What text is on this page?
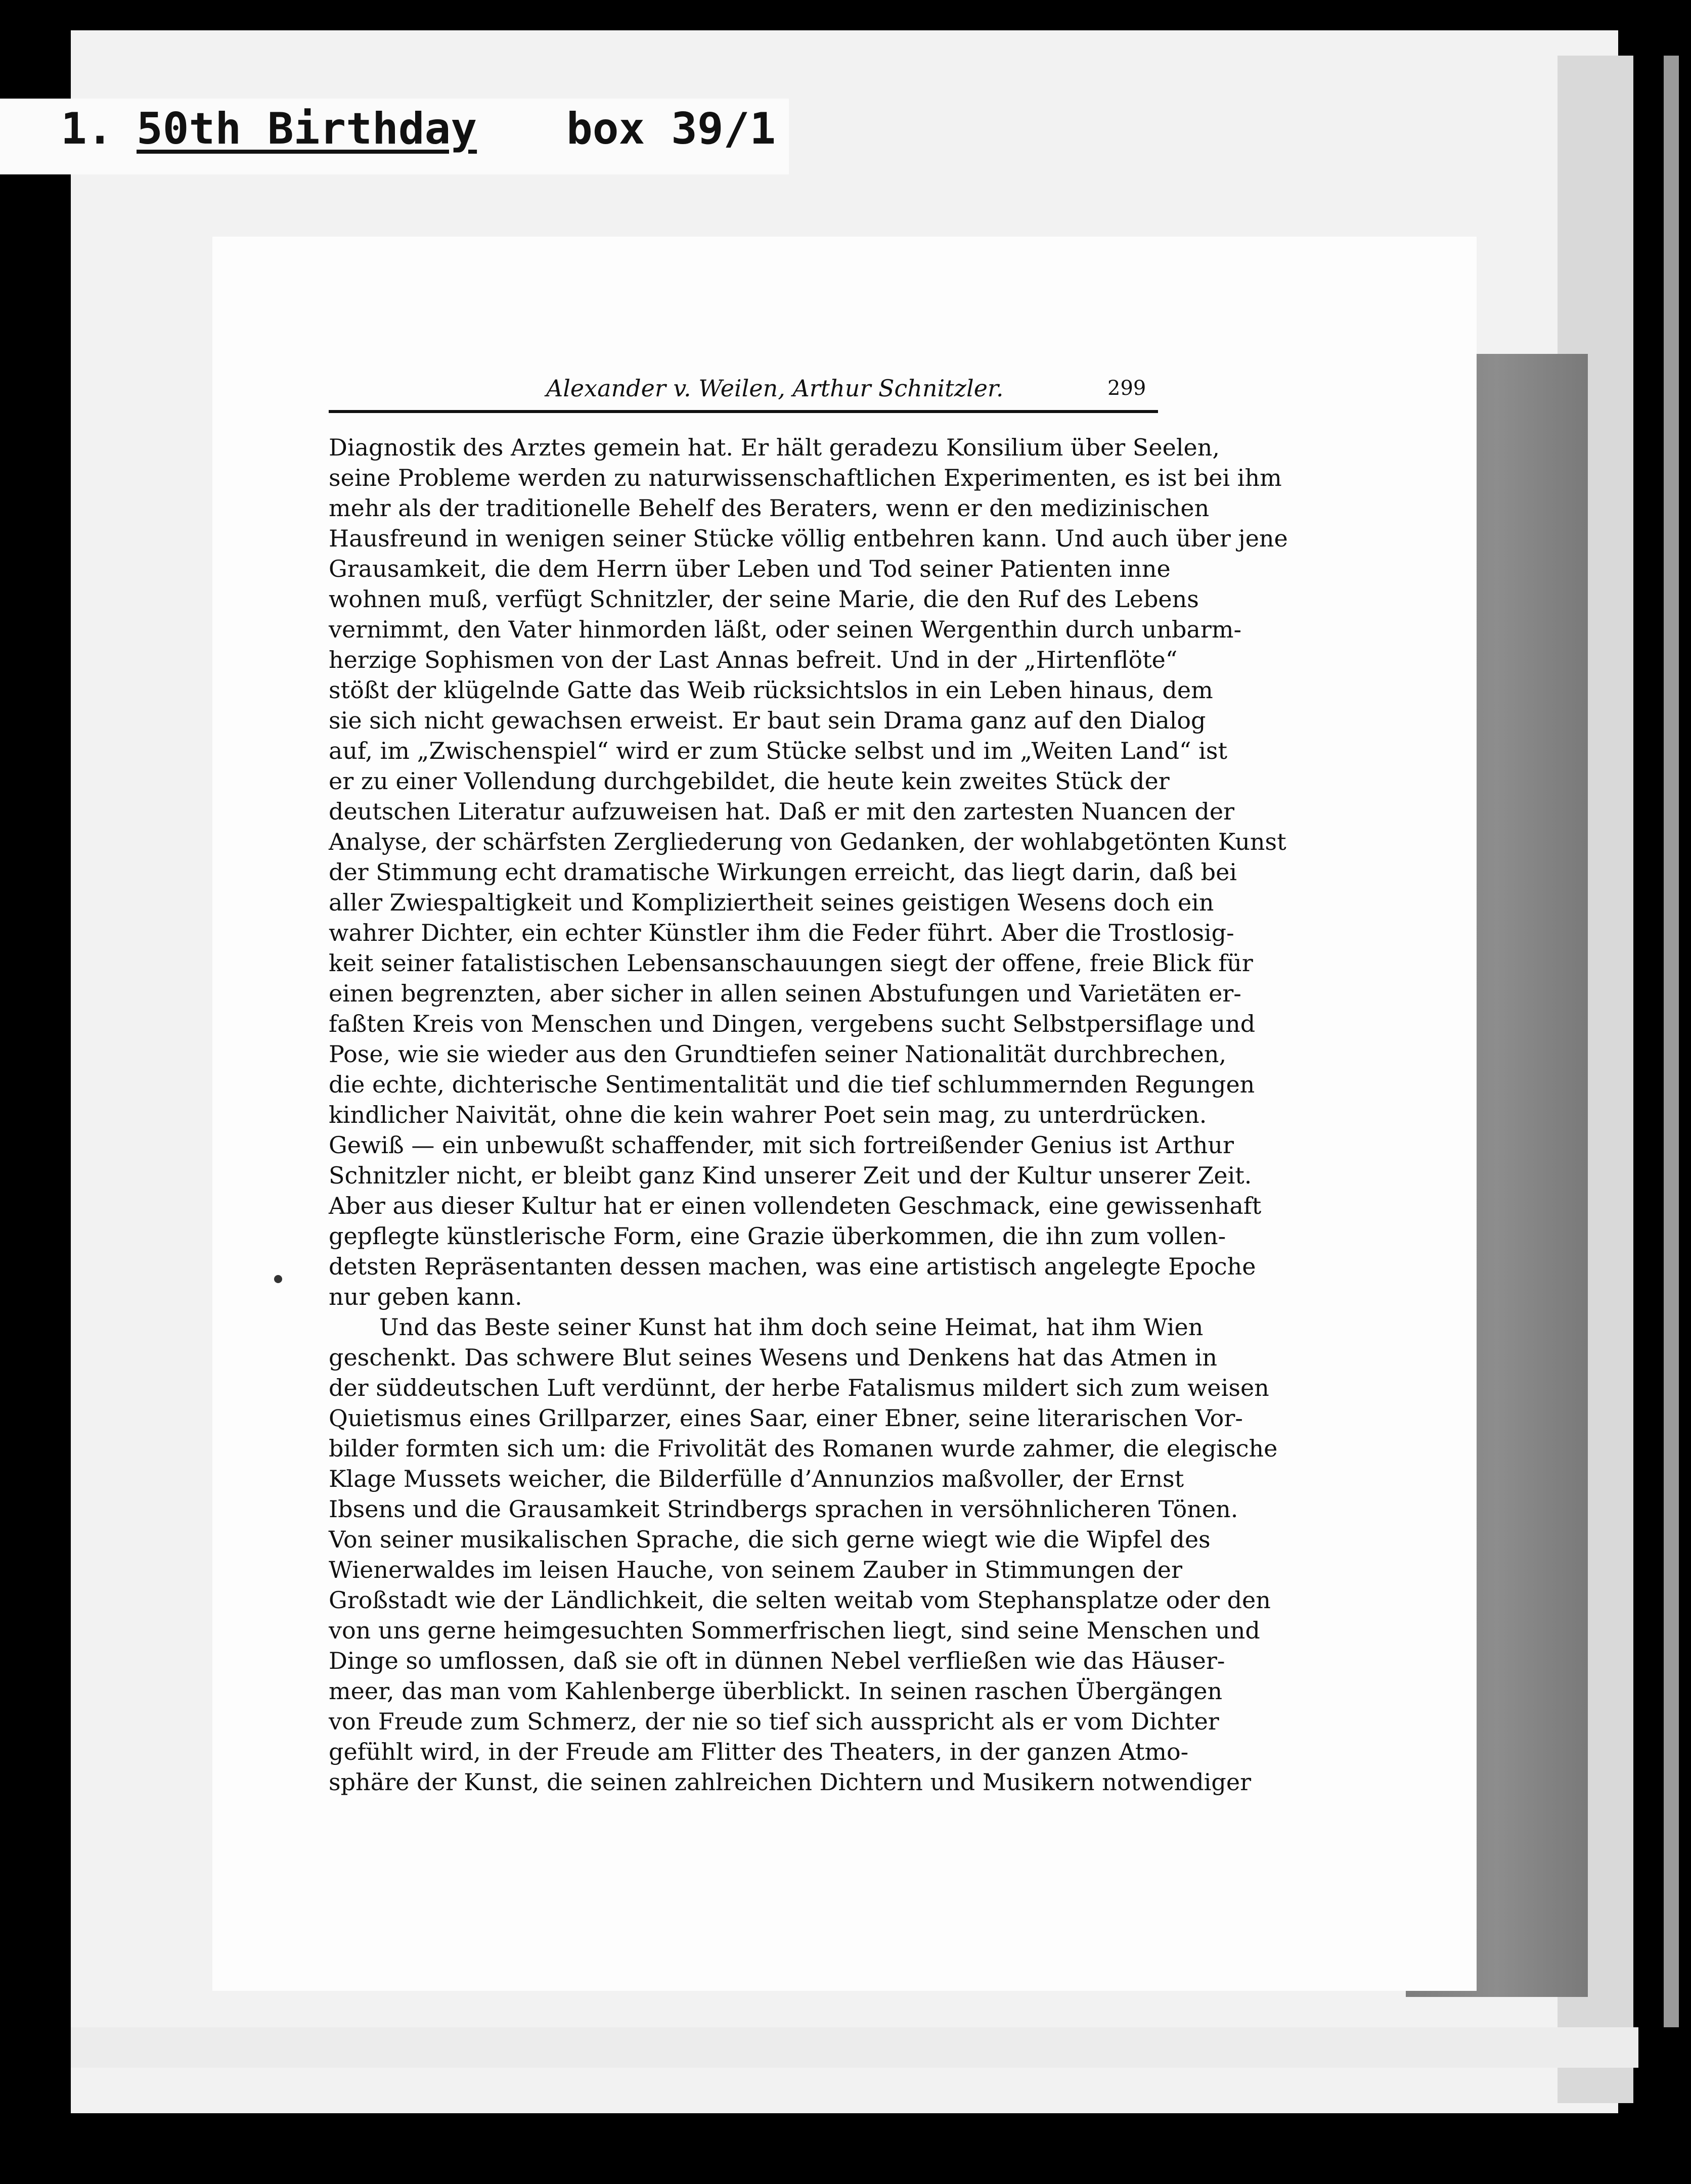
1.

50th Birthday

box 39/1

Alexander v. Weilen, Arthur Schnitzler.	299
Diagnostik des Arztes gemein hat. Er hält geradezu Konsilium über Seelen,
seine Probleme werden zu naturwissenschaftlichen Experimenten, es ist bei ihm
mehr als der traditionelle Behelf des Beraters, wenn er den medizinischen
Hausfreund in wenigen seiner Stücke völlig entbehren kann. Und auch über jene
Grausamkeit, die dem Herrn über Leben und Tod seiner Patienten inne
wohnen muß, verfügt Schnitzler, der seine Marie, die den Ruf des Lebens
vernimmt, den Vater hinmorden läßt, oder seinen Wergenthin durch unbarm-
herzige Sophismen von der Last Annas befreit. Und in der „Hirtenflöte“
stößt der klügelnde Gatte das Weib rücksichtslos in ein Leben hinaus, dem
sie sich nicht gewachsen erweist. Er baut sein Drama ganz auf den Dialog
auf, im „Zwischenspiel“ wird er zum Stücke selbst und im „Weiten Land“ ist
er zu einer Vollendung durchgebildet, die heute kein zweites Stück der
deutschen Literatur aufzuweisen hat. Daß er mit den zartesten Nuancen der
Analyse, der schärfsten Zergliederung von Gedanken, der wohlabgetönten Kunst
der Stimmung echt dramatische Wirkungen erreicht, das liegt darin, daß bei
aller Zwiespaltigkeit und Kompliziertheit seines geistigen Wesens doch ein
wahrer Dichter, ein echter Künstler ihm die Feder führt. Aber die Trostlosig-
keit seiner fatalistischen Lebensanschauungen siegt der offene, freie Blick für
einen begrenzten, aber sicher in allen seinen Abstufungen und Varietäten er-
faßten Kreis von Menschen und Dingen, vergebens sucht Selbstpersiflage und
Pose, wie sie wieder aus den Grundtiefen seiner Nationalität durchbrechen,
die echte, dichterische Sentimentalität und die tief schlummernden Regungen
kindlicher Naivität, ohne die kein wahrer Poet sein mag, zu unterdrücken.
Gewiß — ein unbewußt schaffender, mit sich fortreißender Genius ist Arthur
Schnitzler nicht, er bleibt ganz Kind unserer Zeit und der Kultur unserer Zeit.
Aber aus dieser Kultur hat er einen vollendeten Geschmack, eine gewissenhaft
gepflegte künstlerische Form, eine Grazie überkommen, die ihn zum vollen-
detsten Repräsentanten dessen machen, was eine artistisch angelegte Epoche
nur geben kann.
Und das Beste seiner Kunst hat ihm doch seine Heimat, hat ihm Wien
geschenkt. Das schwere Blut seines Wesens und Denkens hat das Atmen in
der süddeutschen Luft verdünnt, der herbe Fatalismus mildert sich zum weisen
Quietismus eines Grillparzer, eines Saar, einer Ebner, seine literarischen Vor-
bilder formten sich um: die Frivolität des Romanen wurde zahmer, die elegische
Klage Mussets weicher, die Bilderfülle d’Annunzios maßvoller, der Ernst
Ibsens und die Grausamkeit Strindbergs sprachen in versöhnlicheren Tönen.
Von seiner musikalischen Sprache, die sich gerne wiegt wie die Wipfel des
Wienerwaldes im leisen Hauche, von seinem Zauber in Stimmungen der
Großstadt wie der Ländlichkeit, die selten weitab vom Stephansplatze oder den
von uns gerne heimgesuchten Sommerfrischen liegt, sind seine Menschen und
Dinge so umflossen, daß sie oft in dünnen Nebel verfließen wie das Häuser-
meer, das man vom Kahlenberge überblickt. In seinen raschen Übergängen
von Freude zum Schmerz, der nie so tief sich ausspricht als er vom Dichter
gefühlt wird, in der Freude am Flitter des Theaters, in der ganzen Atmo-
sphäre der Kunst, die seinen zahlreichen Dichtern und Musikern notwendiger
